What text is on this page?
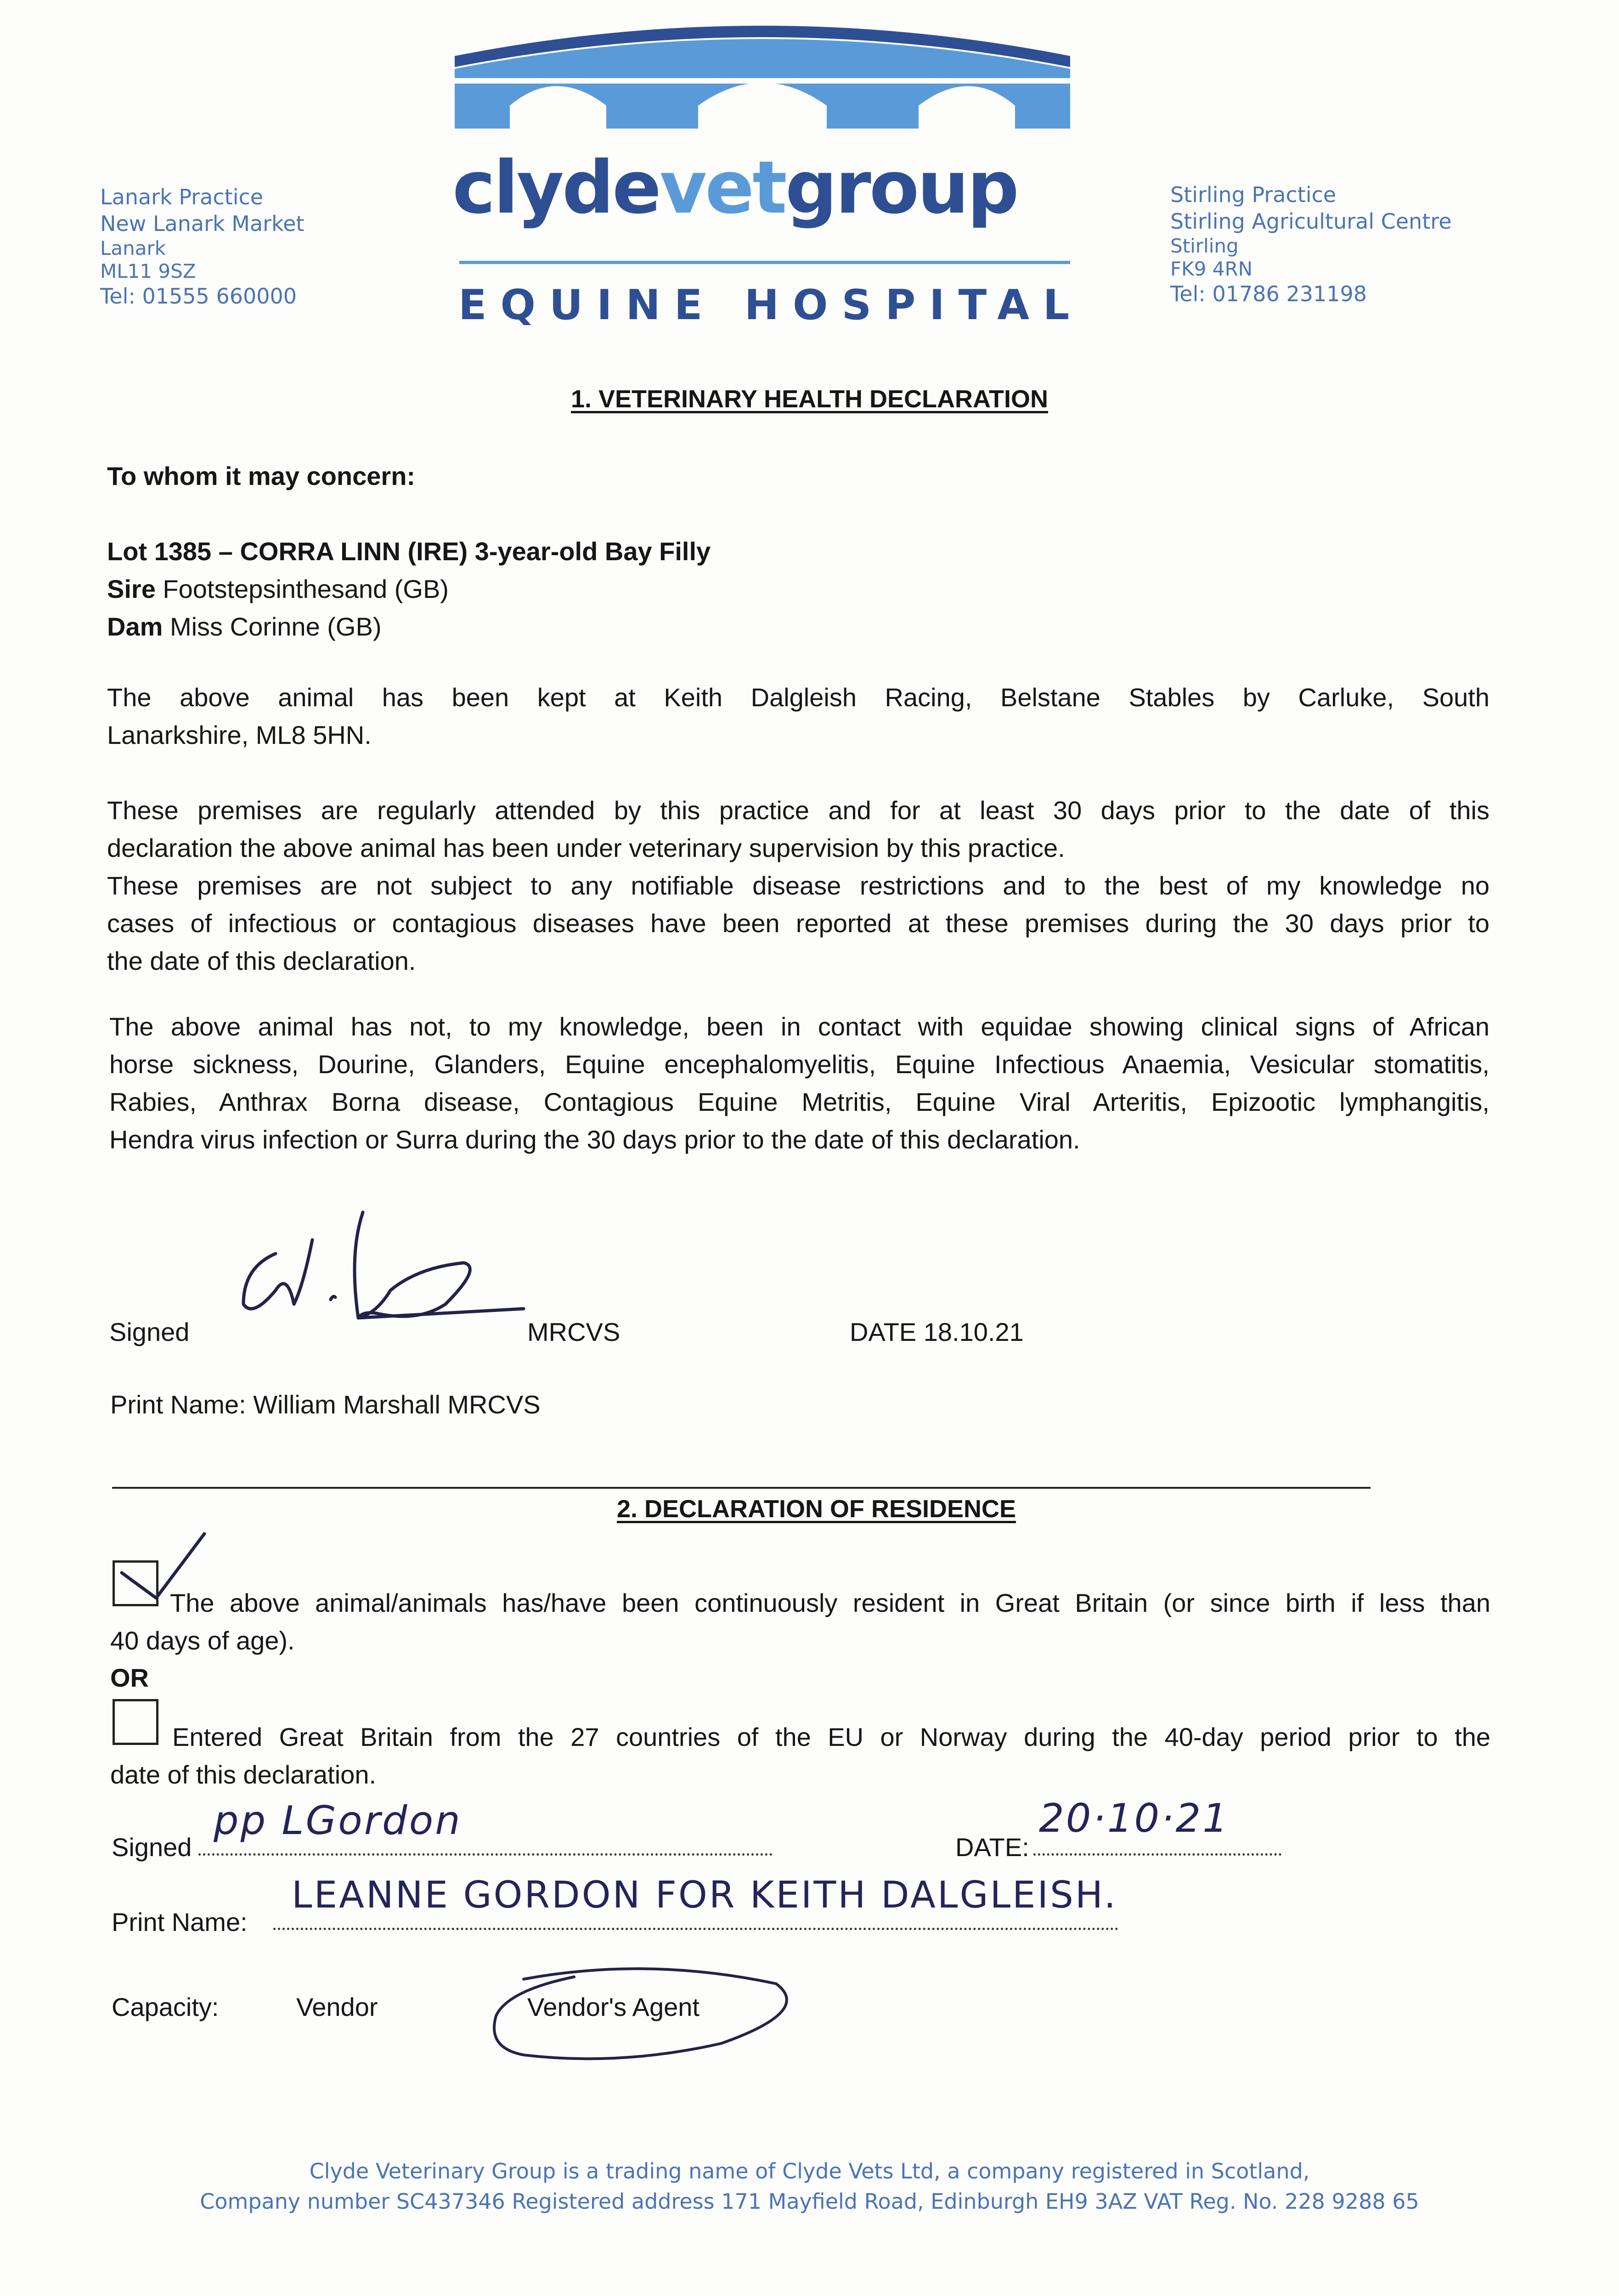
Lanark Practice
New Lanark Market

Lanark
ML11 9SZ
Tel: 01555 660000
Stirling Practice
Stirling Agricultural Centre

Stirling
FK9 4RN
Tel: 01786 231198
clydevetgroup
EQUINE HOSPITAL
1. VETERINARY HEALTH DECLARATION
To whom it may concern:
Lot 1385 – CORRA LINN (IRE) 3-year-old Bay Filly
Sire Footstepsinthesand (GB)
Dam Miss Corinne (GB)

The above animal has been kept at Keith Dalgleish Racing, Belstane Stables by Carluke, South

Lanarkshire, ML8 5HN.

These premises are regularly attended by this practice and for at least 30 days prior to the date of this

declaration the above animal has been under veterinary supervision by this practice.

These premises are not subject to any notifiable disease restrictions and to the best of my knowledge no

cases of infectious or contagious diseases have been reported at these premises during the 30 days prior to

the date of this declaration.

The above animal has not, to my knowledge, been in contact with equidae showing clinical signs of African

horse sickness, Dourine, Glanders, Equine encephalomyelitis, Equine Infectious Anaemia, Vesicular stomatitis,

Rabies, Anthrax Borna disease, Contagious Equine Metritis, Equine Viral Arteritis, Epizootic lymphangitis,

Hendra virus infection or Surra during the 30 days prior to the date of this declaration.

Signed	MRCVS	DATE 18.10.21
Print Name: William Marshall MRCVS
2. DECLARATION OF RESIDENCE

The above animal/animals has/have been continuously resident in Great Britain (or since birth if less than

40 days of age).

OR

Entered Great Britain from the 27 countries of the EU or Norway during the 40-day period prior to the

date of this declaration.

Signed
pp LGordon
DATE:
20·10·21
Print Name:
LEANNE GORDON FOR KEITH DALGLEISH.
Capacity:	Vendor	Vendor's Agent
Clyde Veterinary Group is a trading name of Clyde Vets Ltd, a company registered in Scotland,
Company number SC437346 Registered address 171 Mayfield Road, Edinburgh EH9 3AZ VAT Reg. No. 228 9288 65
